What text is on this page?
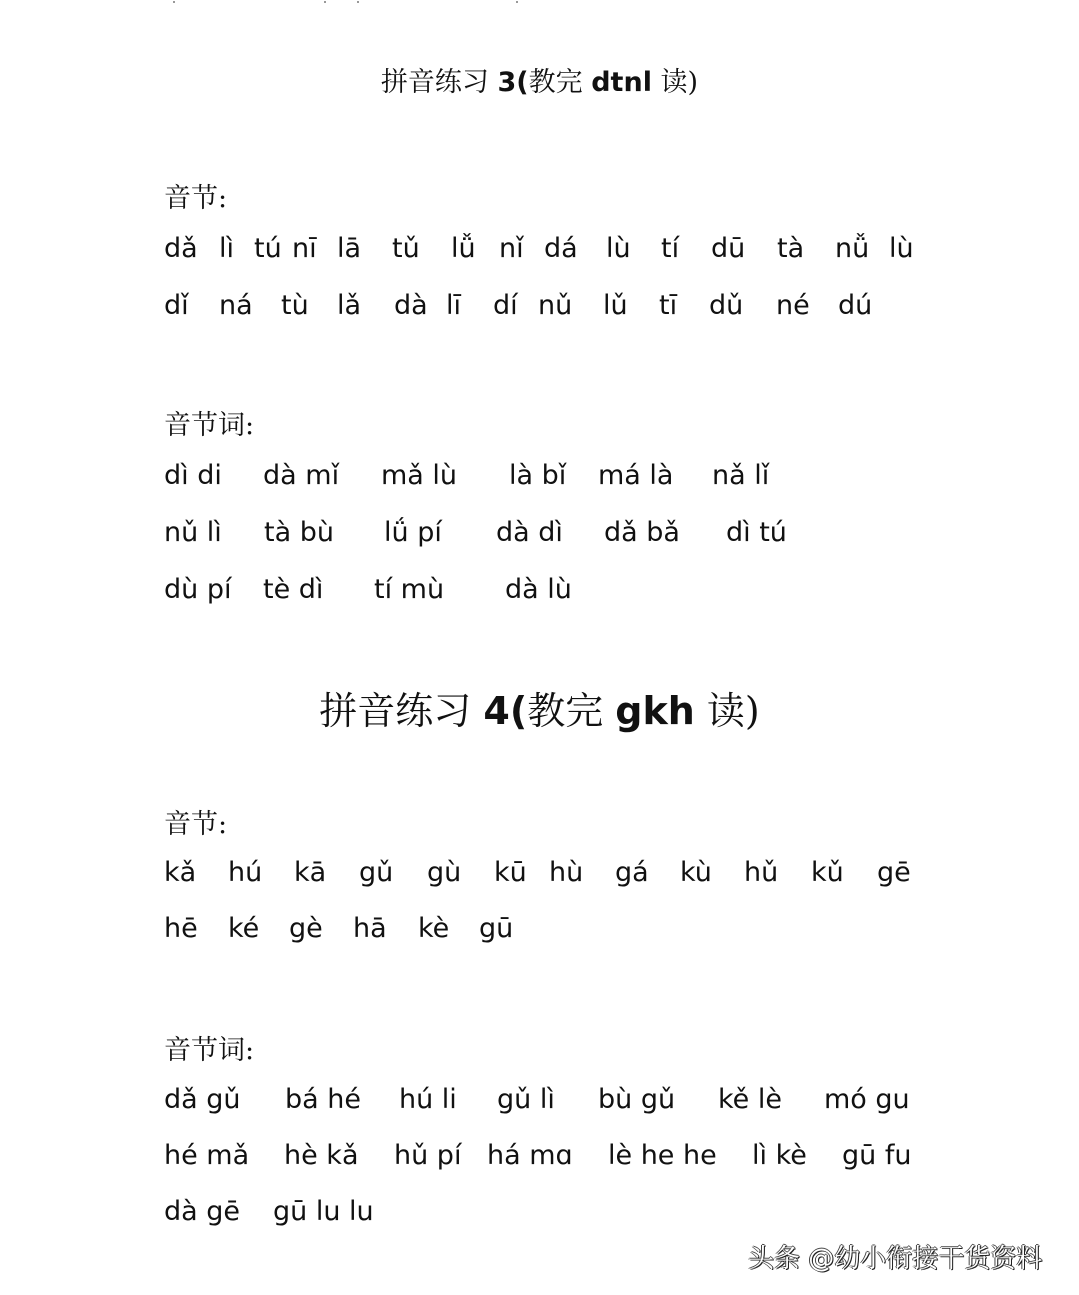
拼音练习 3(教完 dtnl 读)
音节:
dǎ lì tú nī lā tǔ lǚ nǐ dá lù tí dū tà nǚ lù
dǐ ná tù lǎ dà lī dí nǔ lǔ tī dǔ né dú
音节词:
dì di dà mǐ mǎ lù là bǐ má là nǎ lǐ
nǔ lì tà bù lǘ pí dà dì dǎ bǎ dì tú
dù pí tè dì tí mù dà lù
拼音练习 4(教完 gkh 读)
音节:
kǎ hú kā gǔ gù kū hù gá kù hǔ kǔ gē
hē ké gè hā kè gū
音节词:
dǎ gǔ bá hé hú li gǔ lì bù gǔ kě lè mó gu
hé mǎ hè kǎ hǔ pí há mɑ lè he he lì kè gū fu
dà gē gū lu lu
头条 @幼小衔接干货资料
